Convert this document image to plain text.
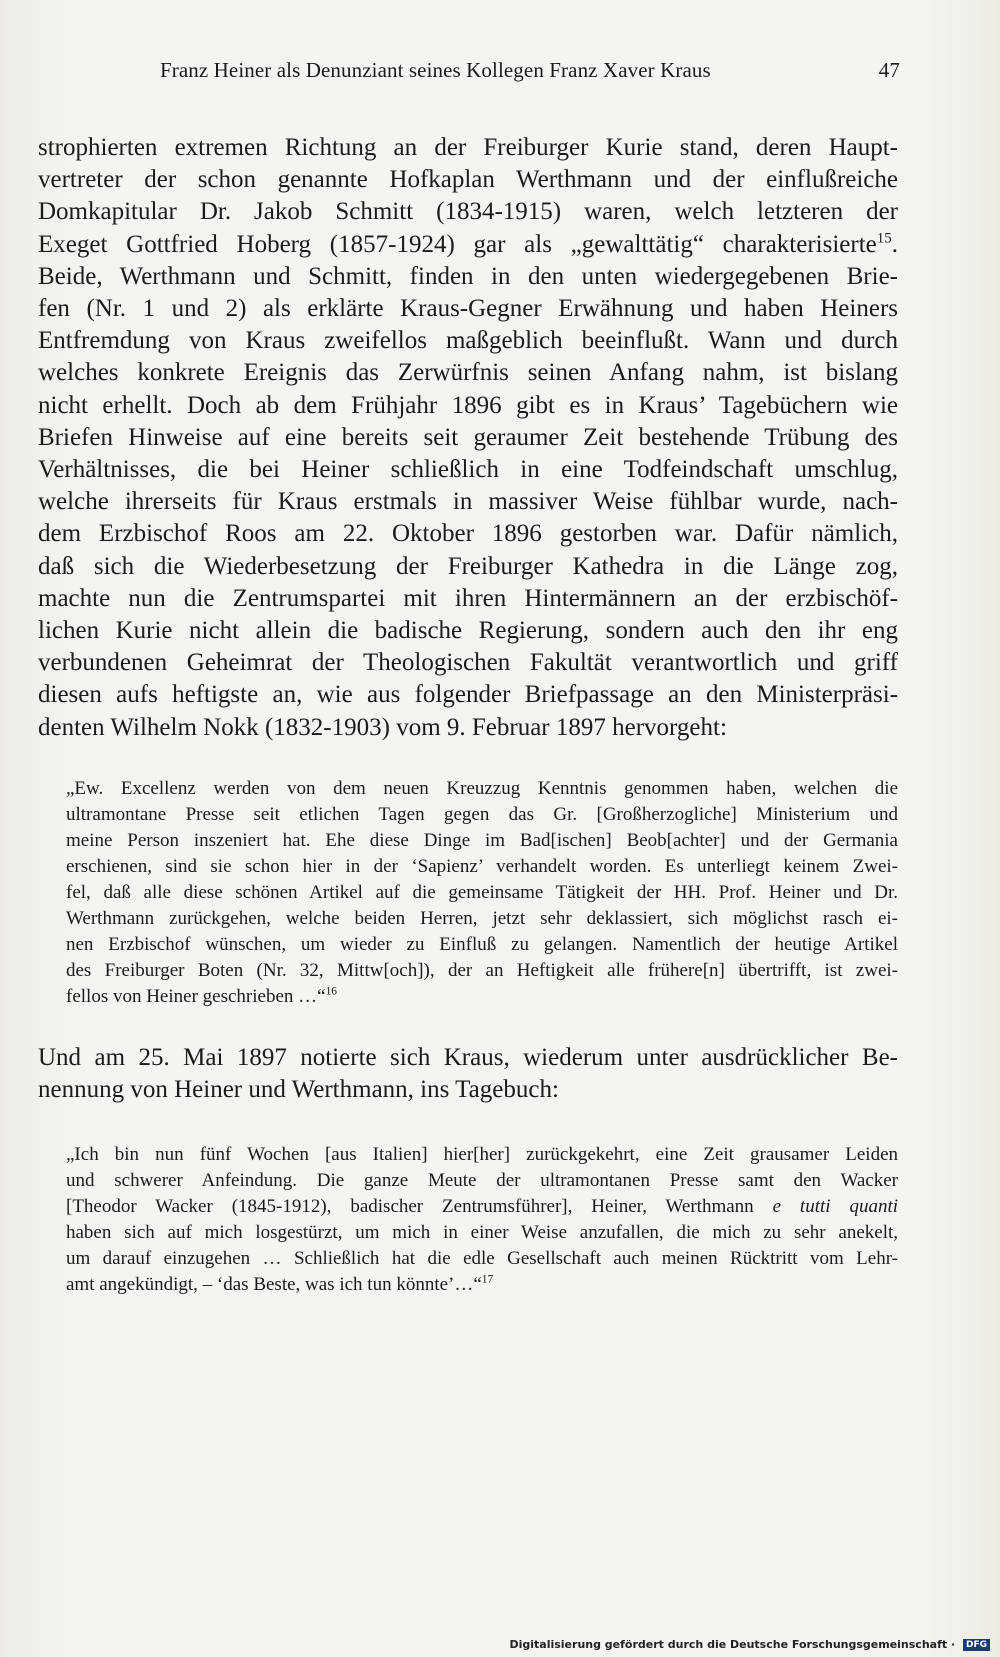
Franz Heiner als Denunziant seines Kollegen Franz Xaver Kraus	47
strophierten extremen Richtung an der Freiburger Kurie stand, deren Haupt-
vertreter der schon genannte Hofkaplan Werthmann und der einflußreiche
Domkapitular Dr. Jakob Schmitt (1834-1915) waren, welch letzteren der
Exeget Gottfried Hoberg (1857-1924) gar als „gewalttätig“ charakterisierte$^{15}$.
Beide, Werthmann und Schmitt, finden in den unten wiedergegebenen Brie-
fen (Nr. 1 und 2) als erklärte Kraus-Gegner Erwähnung und haben Heiners
Entfremdung von Kraus zweifellos maßgeblich beeinflußt. Wann und durch
welches konkrete Ereignis das Zerwürfnis seinen Anfang nahm, ist bislang
nicht erhellt. Doch ab dem Frühjahr 1896 gibt es in Kraus’ Tagebüchern wie
Briefen Hinweise auf eine bereits seit geraumer Zeit bestehende Trübung des
Verhältnisses, die bei Heiner schließlich in eine Todfeindschaft umschlug,
welche ihrerseits für Kraus erstmals in massiver Weise fühlbar wurde, nach-
dem Erzbischof Roos am 22. Oktober 1896 gestorben war. Dafür nämlich,
daß sich die Wiederbesetzung der Freiburger Kathedra in die Länge zog,
machte nun die Zentrumspartei mit ihren Hintermännern an der erzbischöf-
lichen Kurie nicht allein die badische Regierung, sondern auch den ihr eng
verbundenen Geheimrat der Theologischen Fakultät verantwortlich und griff
diesen aufs heftigste an, wie aus folgender Briefpassage an den Ministerpräsi-
denten Wilhelm Nokk (1832-1903) vom 9. Februar 1897 hervorgeht:
„Ew. Excellenz werden von dem neuen Kreuzzug Kenntnis genommen haben, welchen die
ultramontane Presse seit etlichen Tagen gegen das Gr. [Großherzogliche] Ministerium und
meine Person inszeniert hat. Ehe diese Dinge im Bad[ischen] Beob[achter] und der Germania
erschienen, sind sie schon hier in der ‘Sapienz’ verhandelt worden. Es unterliegt keinem Zwei-
fel, daß alle diese schönen Artikel auf die gemeinsame Tätigkeit der HH. Prof. Heiner und Dr.
Werthmann zurückgehen, welche beiden Herren, jetzt sehr deklassiert, sich möglichst rasch ei-
nen Erzbischof wünschen, um wieder zu Einfluß zu gelangen. Namentlich der heutige Artikel
des Freiburger Boten (Nr. 32, Mittw[och]), der an Heftigkeit alle frühere[n] übertrifft, ist zwei-
fellos von Heiner geschrieben …“$^{16}$
Und am 25. Mai 1897 notierte sich Kraus, wiederum unter ausdrücklicher Be-
nennung von Heiner und Werthmann, ins Tagebuch:
„Ich bin nun fünf Wochen [aus Italien] hier[her] zurückgekehrt, eine Zeit grausamer Leiden
und schwerer Anfeindung. Die ganze Meute der ultramontanen Presse samt den Wacker
[Theodor Wacker (1845-1912), badischer Zentrumsführer], Heiner, Werthmann e tutti quanti
haben sich auf mich losgestürzt, um mich in einer Weise anzufallen, die mich zu sehr anekelt,
um darauf einzugehen … Schließlich hat die edle Gesellschaft auch meinen Rücktritt vom Lehr-
amt angekündigt, – ‘das Beste, was ich tun könnte’…“$^{17}$
Digitalisierung gefördert durch die Deutsche Forschungsgemeinschaft · DFG
